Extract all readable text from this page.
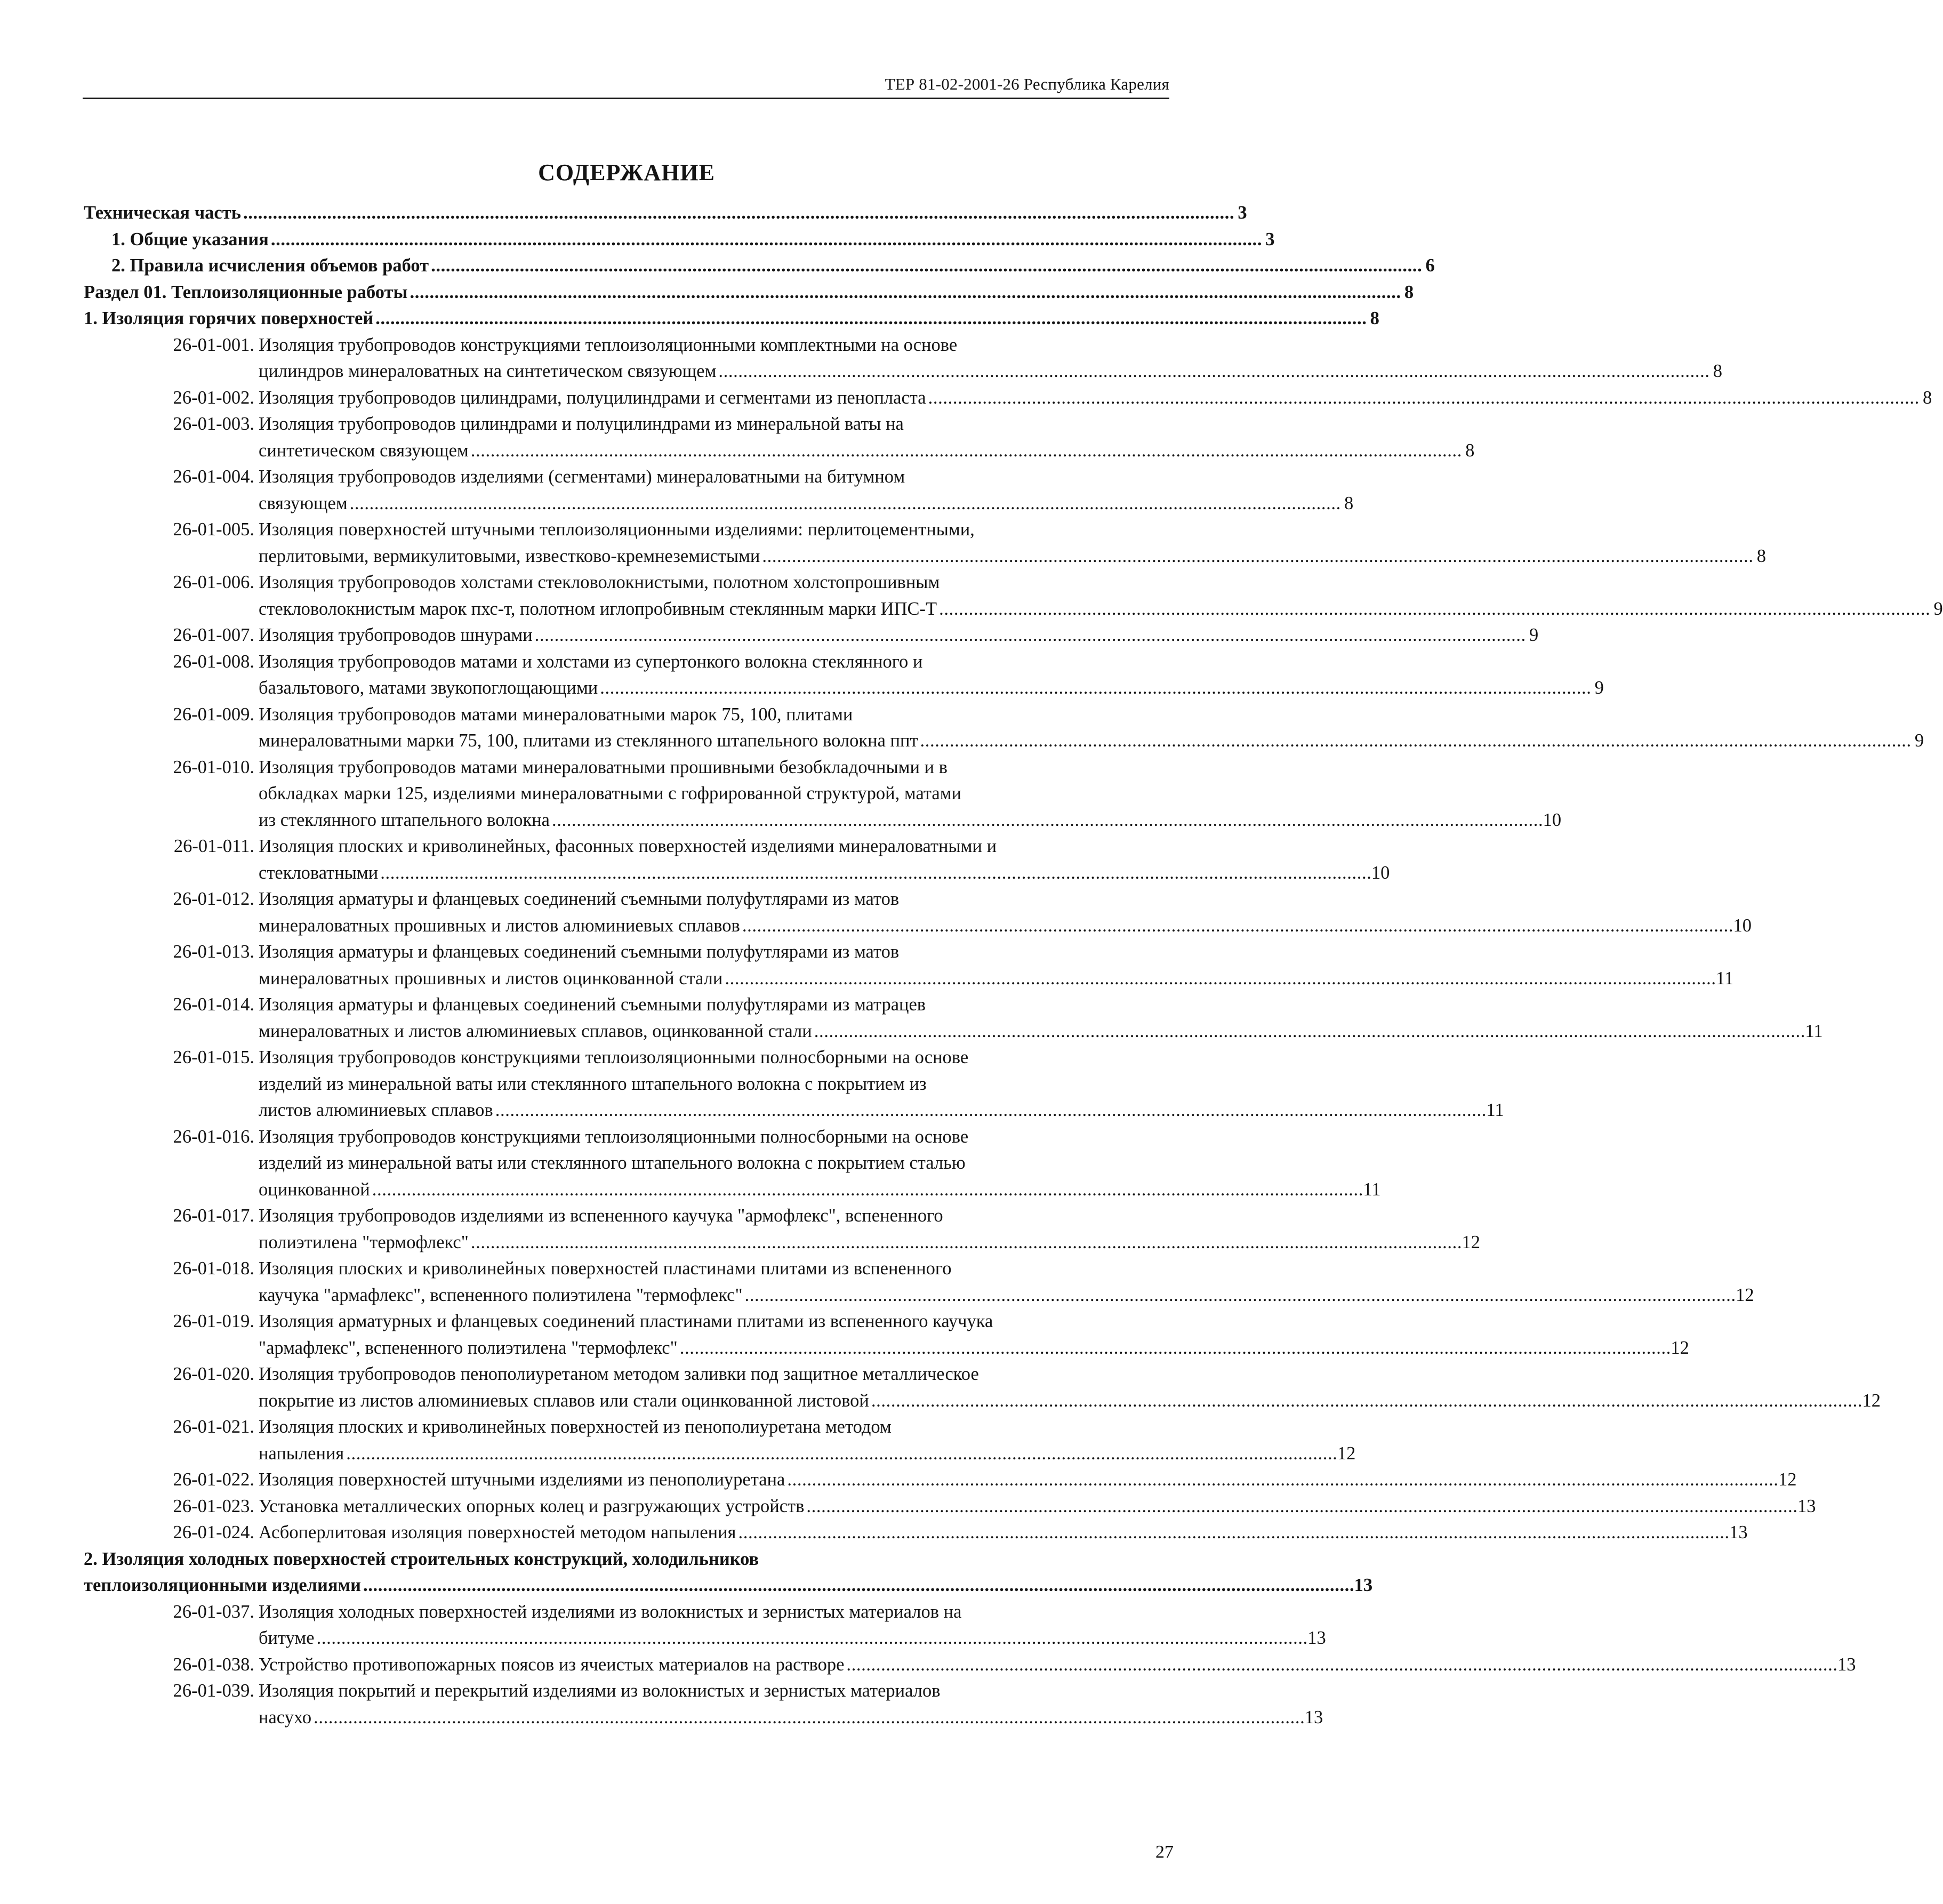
ТЕР 81-02-2001-26 Республика Карелия
СОДЕРЖАНИЕ
Техническая часть . . .	3
1. Общие указания . . .	3
2. Правила исчисления объемов работ . . .	6
Раздел 01. Теплоизоляционные работы . . .	8
1. Изоляция горячих поверхностей . . .	8
26-01-001. Изоляция трубопроводов конструкциями теплоизоляционными комплектными на основе
цилиндров минераловатных на синтетическом связующем . . .	8
26-01-002. Изоляция трубопроводов цилиндрами, полуцилиндрами и сегментами из пенопласта . . .	8
26-01-003. Изоляция трубопроводов цилиндрами и полуцилиндрами из минеральной ваты на
синтетическом связующем . . .	8
26-01-004. Изоляция трубопроводов изделиями (сегментами) минераловатными на битумном
связующем . . .	8
26-01-005. Изоляция поверхностей штучными теплоизоляционными изделиями: перлитоцементными,
перлитовыми, вермикулитовыми, известково-кремнеземистыми . . .	8
26-01-006. Изоляция трубопроводов холстами стекловолокнистыми, полотном холстопрошивным
стекловолокнистым марок пхс-т, полотном иглопробивным стеклянным марки ИПС-Т . . .	9
26-01-007. Изоляция трубопроводов шнурами . . .	9
26-01-008. Изоляция трубопроводов матами и холстами из супертонкого волокна стеклянного и
базальтового, матами звукопоглощающими . . .	9
26-01-009. Изоляция трубопроводов матами минераловатными марок 75, 100, плитами
минераловатными марки 75, 100, плитами из стеклянного штапельного волокна ппт . . .	9
26-01-010. Изоляция трубопроводов матами минераловатными прошивными безобкладочными и в
обкладках марки 125, изделиями минераловатными с гофрированной структурой, матами
из стеклянного штапельного волокна . . .	10
26-01-011. Изоляция плоских и криволинейных, фасонных поверхностей изделиями минераловатными и
стекловатными . . .	10
26-01-012. Изоляция арматуры и фланцевых соединений съемными полуфутлярами из матов
минераловатных прошивных и листов алюминиевых сплавов . . .	10
26-01-013. Изоляция арматуры и фланцевых соединений съемными полуфутлярами из матов
минераловатных прошивных и листов оцинкованной стали . . .	11
26-01-014. Изоляция арматуры и фланцевых соединений съемными полуфутлярами из матрацев
минераловатных и листов алюминиевых сплавов, оцинкованной стали . . .	11
26-01-015. Изоляция трубопроводов конструкциями теплоизоляционными полносборными на основе
изделий из минеральной ваты или стеклянного штапельного волокна с покрытием из
листов алюминиевых сплавов . . .	11
26-01-016. Изоляция трубопроводов конструкциями теплоизоляционными полносборными на основе
изделий из минеральной ваты или стеклянного штапельного волокна с покрытием сталью
оцинкованной . . .	11
26-01-017. Изоляция трубопроводов изделиями из вспененного каучука "армофлекс", вспененного
полиэтилена "термофлекс" . . .	12
26-01-018. Изоляция плоских и криволинейных поверхностей пластинами плитами из вспененного
каучука "армафлекс", вспененного полиэтилена "термофлекс" . . .	12
26-01-019. Изоляция арматурных и фланцевых соединений пластинами плитами из вспененного каучука
"армафлекс", вспененного полиэтилена "термофлекс" . . .	12
26-01-020. Изоляция трубопроводов пенополиуретаном методом заливки под защитное металлическое
покрытие из листов алюминиевых сплавов или стали оцинкованной листовой . . .	12
26-01-021. Изоляция плоских и криволинейных поверхностей из пенополиуретана методом
напыления . . .	12
26-01-022. Изоляция поверхностей штучными изделиями из пенополиуретана . . .	12
26-01-023. Установка металлических опорных колец и разгружающих устройств . . .	13
26-01-024. Асбоперлитовая изоляция поверхностей методом напыления . . .	13
2. Изоляция холодных поверхностей строительных конструкций, холодильников
теплоизоляционными изделиями . . .	13
26-01-037. Изоляция холодных поверхностей изделиями из волокнистых и зернистых материалов на
битуме . . .	13
26-01-038. Устройство противопожарных поясов из ячеистых материалов на растворе . . .	13
26-01-039. Изоляция покрытий и перекрытий изделиями из волокнистых и зернистых материалов
насухо . . .	13
27
